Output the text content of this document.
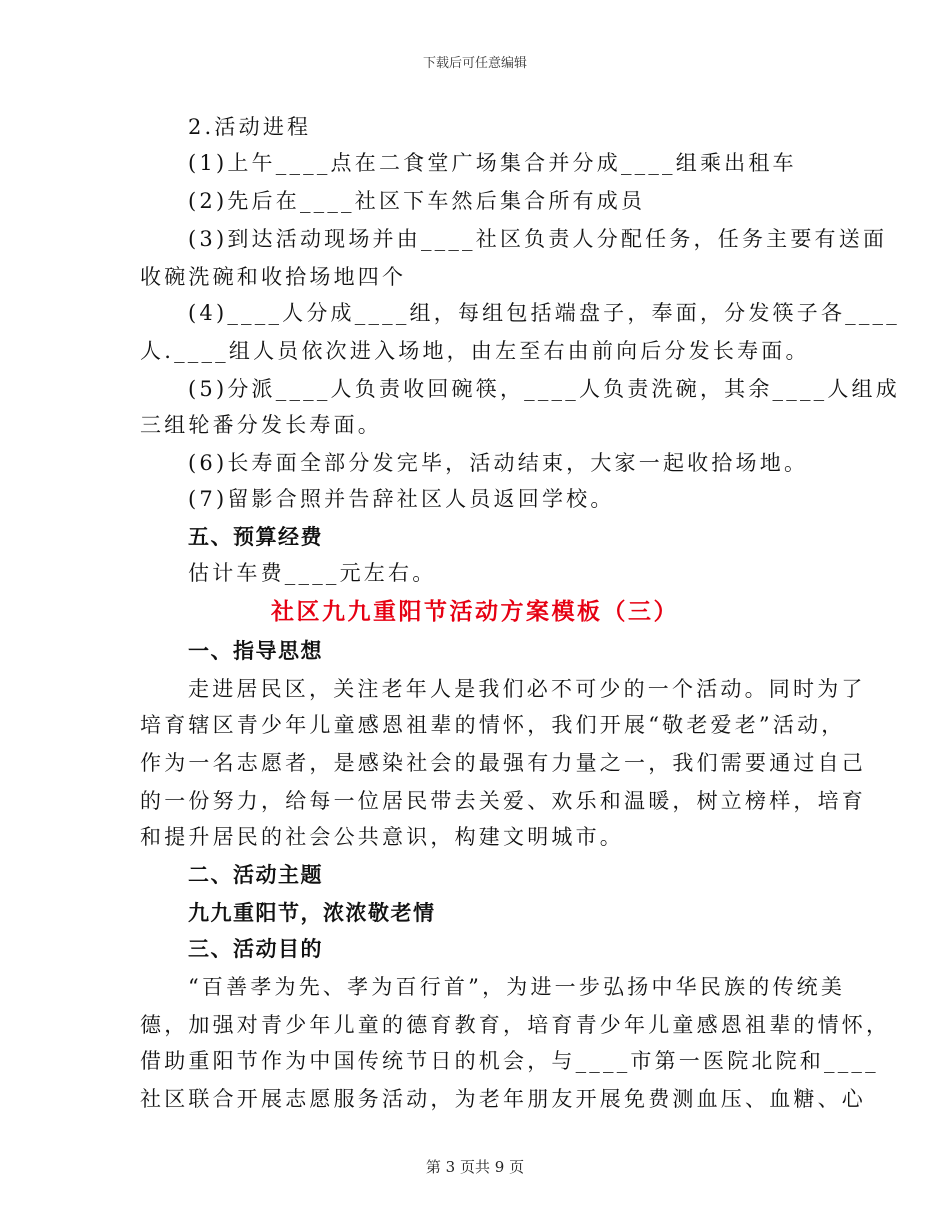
下载后可任意编辑
2.活动进程
(1)上午____点在二食堂广场集合并分成____组乘出租车
(2)先后在____社区下车然后集合所有成员
(3)到达活动现场并由____社区负责人分配任务，任务主要有送面
收碗洗碗和收拾场地四个
(4)____人分成____组，每组包括端盘子，奉面，分发筷子各____
人.____组人员依次进入场地，由左至右由前向后分发长寿面。
(5)分派____人负责收回碗筷，____人负责洗碗，其余____人组成
三组轮番分发长寿面。
(6)长寿面全部分发完毕，活动结束，大家一起收拾场地。
(7)留影合照并告辞社区人员返回学校。
五、预算经费
估计车费____元左右。
社区九九重阳节活动方案模板（三）
一、指导思想
走进居民区，关注老年人是我们必不可少的一个活动。同时为了
培育辖区青少年儿童感恩祖辈的情怀，我们开展“敬老爱老”活动，
作为一名志愿者，是感染社会的最强有力量之一，我们需要通过自己
的一份努力，给每一位居民带去关爱、欢乐和温暖，树立榜样，培育
和提升居民的社会公共意识，构建文明城市。
二、活动主题
九九重阳节，浓浓敬老情
三、活动目的
“百善孝为先、孝为百行首”，为进一步弘扬中华民族的传统美
德，加强对青少年儿童的德育教育，培育青少年儿童感恩祖辈的情怀，
借助重阳节作为中国传统节日的机会，与____市第一医院北院和____
社区联合开展志愿服务活动，为老年朋友开展免费测血压、血糖、心
第 3 页共 9 页
